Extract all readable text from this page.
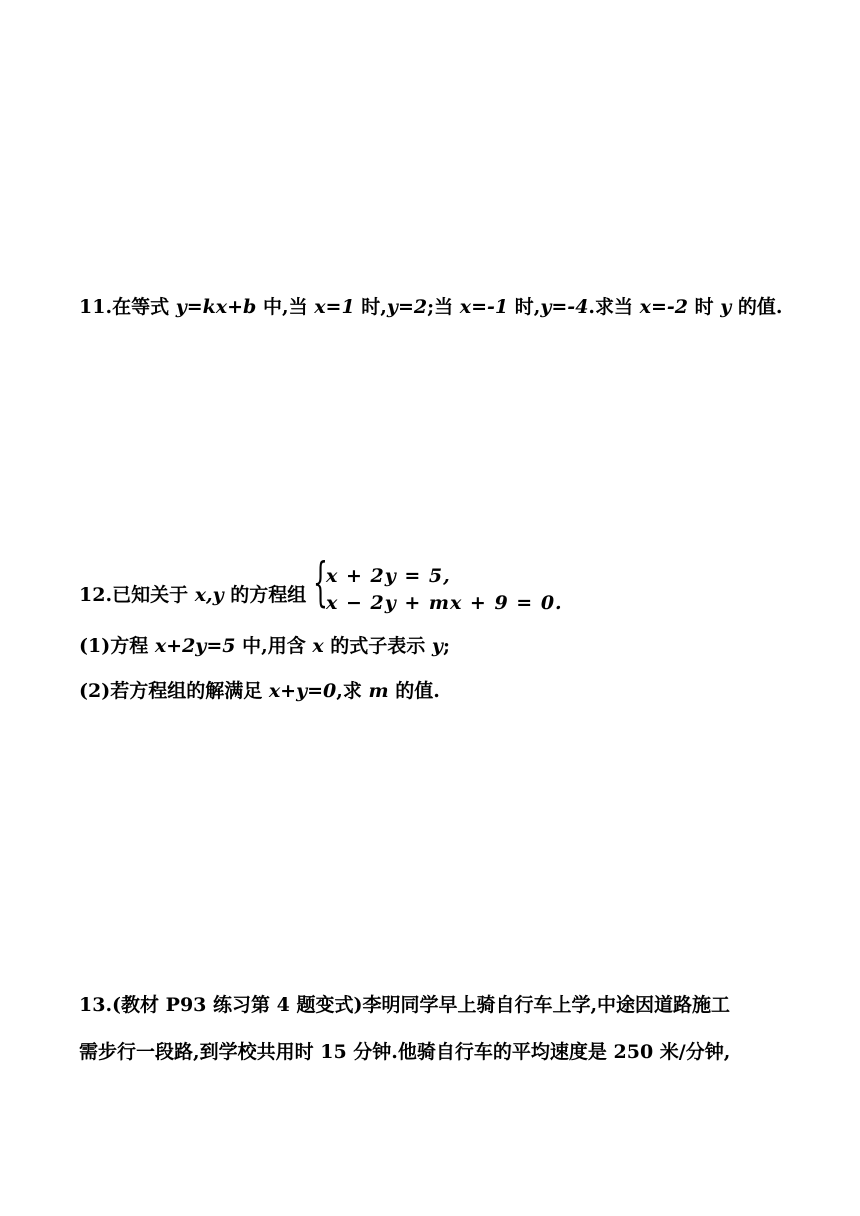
11.在等式 y=kx+b 中,当 x=1 时,y=2;当 x=-1 时,y=-4.求当 x=-2 时 y 的值.
12.已知关于 x,y 的方程组 {
x + 2y = 5,
x − 2y + mx + 9 = 0.
(1)方程 x+2y=5 中,用含 x 的式子表示 y;
(2)若方程组的解满足 x+y=0,求 m 的值.
13.(教材 P93 练习第 4 题变式)李明同学早上骑自行车上学,中途因道路施工
需步行一段路,到学校共用时 15 分钟.他骑自行车的平均速度是 250 米/分钟,
